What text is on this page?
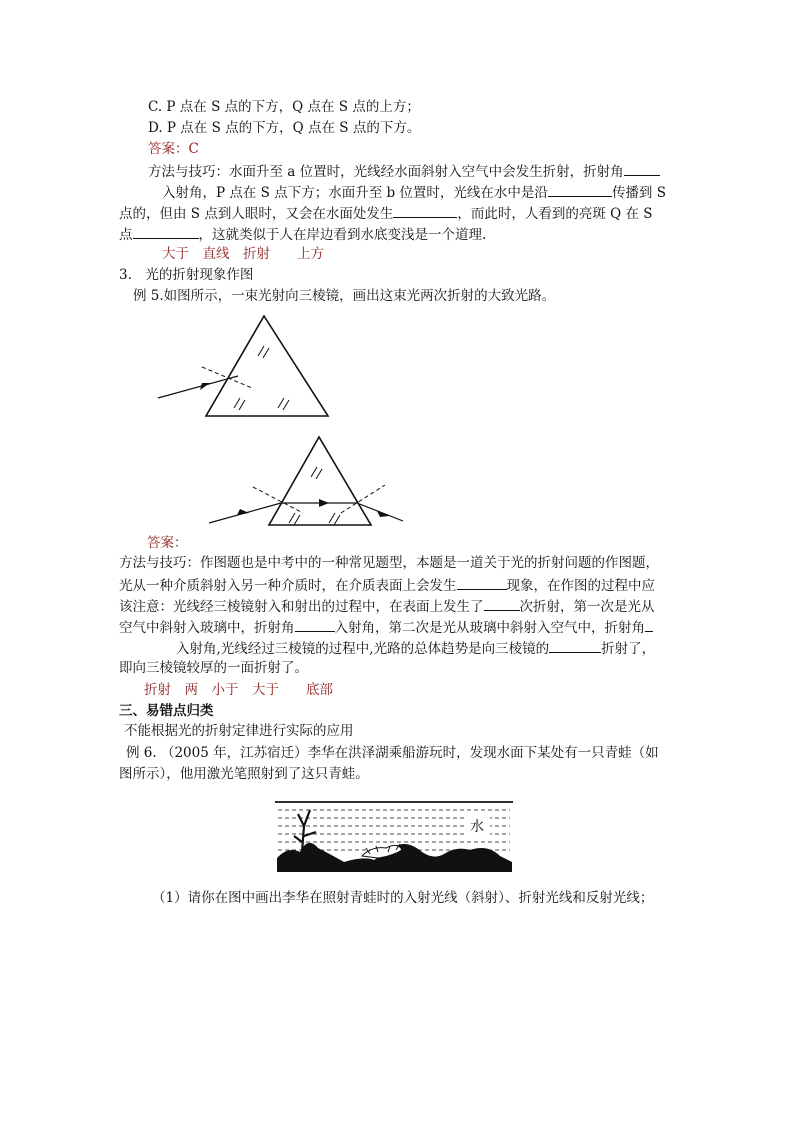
C. P 点在 S 点的下方，Q 点在 S 点的上方；
D. P 点在 S 点的下方，Q 点在 S 点的下方。
答案：C
方法与技巧：水面升至 a 位置时，光线经水面斜射入空气中会发生折射，折射角
入射角，P 点在 S 点下方；水面升至 b 位置时，光线在水中是沿	传播到 S
点的，但由 S 点到人眼时，又会在水面处发生	，而此时，人看到的亮斑 Q 在 S
点	，这就类似于人在岸边看到水底变浅是一个道理.
大于　直线　折射　　上方
3.　光的折射现象作图
例 5.如图所示，一束光射向三棱镜，画出这束光两次折射的大致光路。
答案：
方法与技巧：作图题也是中考中的一种常见题型，本题是一道关于光的折射问题的作图题，
光从一种介质斜射入另一种介质时，在介质表面上会发生	现象，在作图的过程中应
该注意：光线经三棱镜射入和射出的过程中，在表面上发生了	次折射，第一次是光从
空气中斜射入玻璃中，折射角	入射角，第二次是光从玻璃中斜射入空气中，折射角
入射角,光线经过三棱镜的过程中,光路的总体趋势是向三棱镜的	折射了，
即向三棱镜较厚的一面折射了。
折射　两　小于　大于　　底部
三、易错点归类
不能根据光的折射定律进行实际的应用
例 6. （2005 年，江苏宿迁）李华在洪泽湖乘船游玩时，发现水面下某处有一只青蛙（如
图所示），他用激光笔照射到了这只青蛙。
水
（1）请你在图中画出李华在照射青蛙时的入射光线（斜射）、折射光线和反射光线；
